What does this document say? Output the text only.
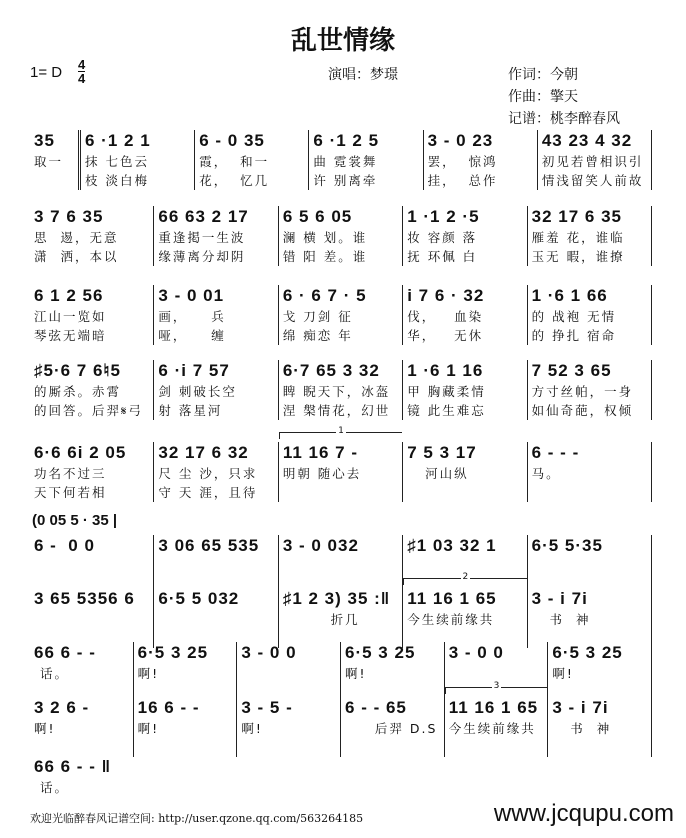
乱世情缘
1= D 4
4	演唱：梦璟	作词：今朝
作曲：擎天
记谱：桃李醉春风
(0 05 5 · 35 |
35
取一
6 ·1 2 1
抹 七色云
枝 淡白梅
6 - 0 35
霞，  和一
花，  忆几
6 ·1 2 5
曲 霓裳舞
许 别离牵
3 - 0 23
罢，  惊鸿
挂，  总作
43 23 4 32
初见若曾相识引
情浅留笑人前故
3 7 6 35
思  逷，无意
潇  洒，本以
66 63 2 17
重逢掲一生波
缘薄离分却阴
6 5 6 05
澜 横 划。谁
错 阳 差。谁
1 ·1 2 ·5
妆 容颜 落
抚 环佩 白
32 17 6 35
雁羞 花，谁临
玉无 暇，谁撩
6 1 2 56
江山一览如
琴弦无端暗
3 - 0 01
画，    兵
哑，    缠
6 · 6 7 · 5
戈 刀剑 征
绵 痴恋 年
i 7 6 · 32
伐，   血染
华，   无休
1 ·6 1 66
的 战袍 无情
的 挣扎 宿命
♯5·6 7 6♮5
的厮杀。赤霄
的回答。后羿𝄋弓
6 ·i 7 57
剑 刺破长空
射 落星河
6·7 65 3 32
睥 睨天下，冰盔
涅 槃情花，幻世
1 ·6 1 16
甲 胸藏柔情
镜 此生难忘
7 52 3 65
方寸丝帕，一身
如仙奇葩，权倾
6·6 6i 2 05
功名不过三
天下何若相
32 17 6 32
尺 尘 沙，只求
守 天 涯，且待
1
11 16 7 -
明朝 随心去
7 5 3 17
河山纵
6 - - -
马。
6 -  0 0	3 06 65 535	3 - 0 032	♯1 03 32 1	6·5 5·35
3 65 5356 6	6·5 5 032	♯1 2 3) 35 :‖
折几
2
11 16 1 65
今生续前缘共
3 - i 7i
书  神
66 6 - -
话。
6·5 3 25
啊!
3 - 0 0	6·5 3 25
啊!
3 - 0 0	6·5 3 25
啊!
3 2 6 -
啊!
16 6 - -
啊!
3 - 5 -
啊!
6 - - 65
后羿 D.S
3
11 16 1 65
今生续前缘共
3 - i 7i
书  神
66 6 - - ‖
话。
欢迎光临醉春风记谱空间: http://user.qzone.qq.com/563264185	www.jcqupu.com
